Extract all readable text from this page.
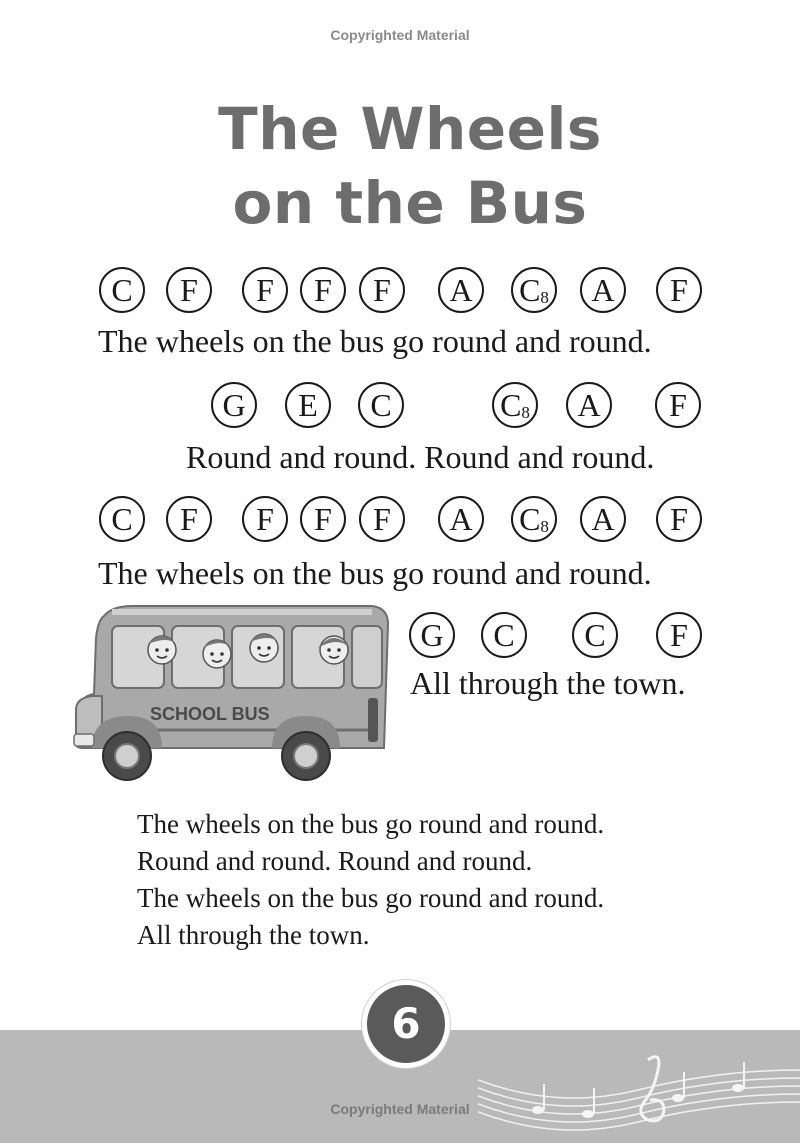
Copyrighted Material
The Wheels
on the Bus
C	F	F	F	F	A	$C_8$	A	F
The wheels on the bus go round and round.
G	E	C	$C_8$	A	F
Round and round. Round and round.
C	F	F	F	F	A	$C_8$	A	F
The wheels on the bus go round and round.
G	C	C	F
All through the town.
SCHOOL BUS
The wheels on the bus go round and round.
Round and round. Round and round.
The wheels on the bus go round and round.
All through the town.
6
Copyrighted Material
